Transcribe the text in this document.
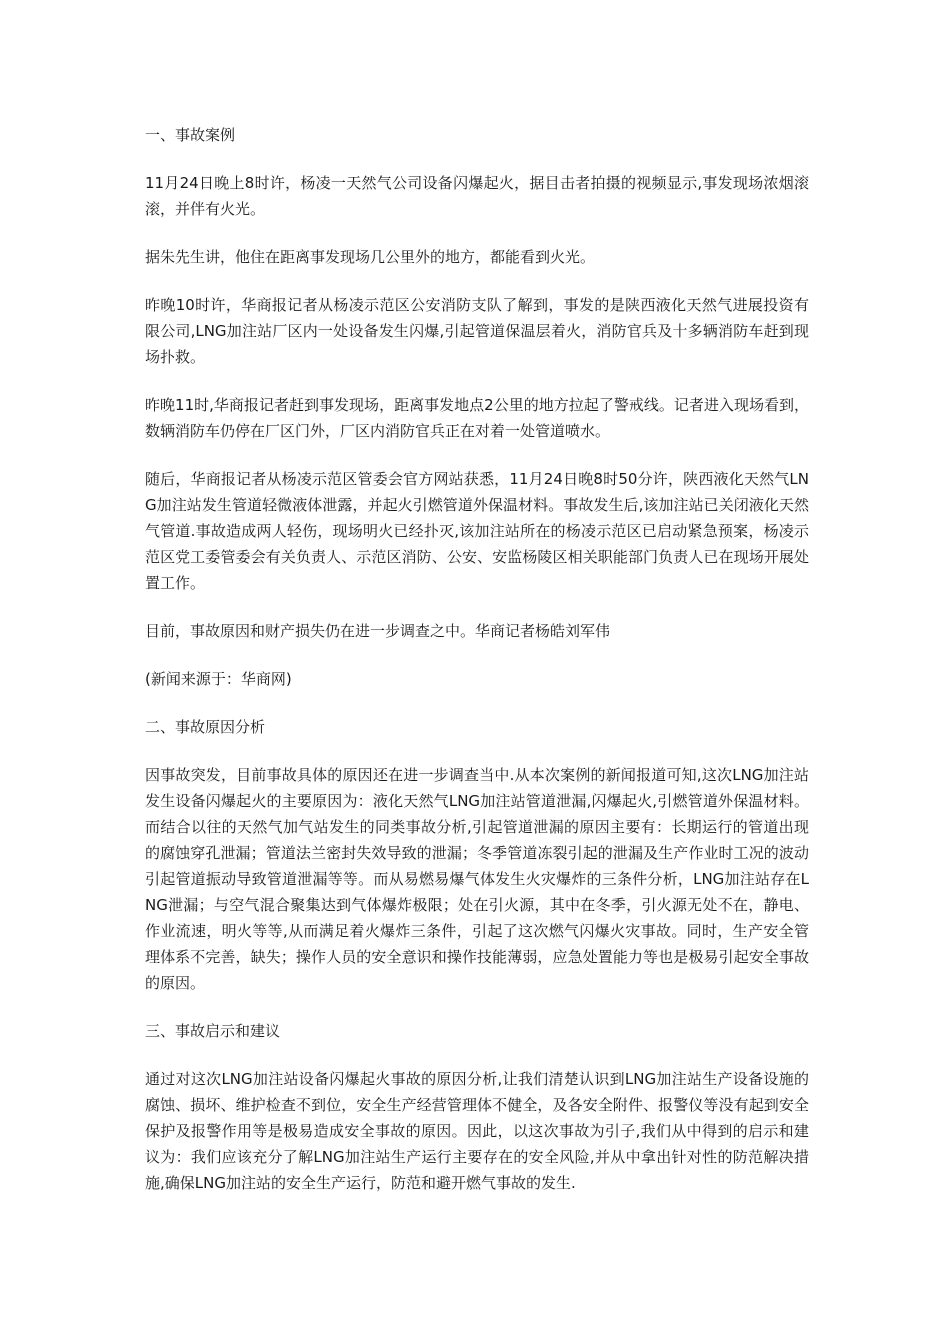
一、事故案例

11月24日晚上8时许，杨凌一天然气公司设备闪爆起火，据目击者拍摄的视频显示,事发现场浓烟滚滚，并伴有火光。

据朱先生讲，他住在距离事发现场几公里外的地方，都能看到火光。

昨晚10时许，华商报记者从杨凌示范区公安消防支队了解到，事发的是陕西液化天然气进展投资有限公司,LNG加注站厂区内一处设备发生闪爆,引起管道保温层着火，消防官兵及十多辆消防车赶到现场扑救。

昨晚11时,华商报记者赶到事发现场，距离事发地点2公里的地方拉起了警戒线。记者进入现场看到，数辆消防车仍停在厂区门外，厂区内消防官兵正在对着一处管道喷水。

随后，华商报记者从杨凌示范区管委会官方网站获悉，11月24日晚8时50分许，陕西液化天然气LNG加注站发生管道轻微液体泄露，并起火引燃管道外保温材料。事故发生后,该加注站已关闭液化天然气管道.事故造成两人轻伤，现场明火已经扑灭,该加注站所在的杨凌示范区已启动紧急预案，杨凌示范区党工委管委会有关负责人、示范区消防、公安、安监杨陵区相关职能部门负责人已在现场开展处置工作。

目前，事故原因和财产损失仍在进一步调查之中。华商记者杨皓刘军伟

(新闻来源于：华商网)

二、事故原因分析

因事故突发，目前事故具体的原因还在进一步调查当中.从本次案例的新闻报道可知,这次LNG加注站发生设备闪爆起火的主要原因为：液化天然气LNG加注站管道泄漏,闪爆起火,引燃管道外保温材料。而结合以往的天然气加气站发生的同类事故分析,引起管道泄漏的原因主要有：长期运行的管道出现的腐蚀穿孔泄漏；管道法兰密封失效导致的泄漏；冬季管道冻裂引起的泄漏及生产作业时工况的波动引起管道振动导致管道泄漏等等。而从易燃易爆气体发生火灾爆炸的三条件分析，LNG加注站存在LNG泄漏；与空气混合聚集达到气体爆炸极限；处在引火源，其中在冬季，引火源无处不在，静电、作业流速，明火等等,从而满足着火爆炸三条件，引起了这次燃气闪爆火灾事故。同时，生产安全管理体系不完善，缺失；操作人员的安全意识和操作技能薄弱，应急处置能力等也是极易引起安全事故的原因。

三、事故启示和建议

通过对这次LNG加注站设备闪爆起火事故的原因分析,让我们清楚认识到LNG加注站生产设备设施的腐蚀、损坏、维护检查不到位，安全生产经营管理体不健全，及各安全附件、报警仪等没有起到安全保护及报警作用等是极易造成安全事故的原因。因此，以这次事故为引子,我们从中得到的启示和建议为：我们应该充分了解LNG加注站生产运行主要存在的安全风险,并从中拿出针对性的防范解决措施,确保LNG加注站的安全生产运行，防范和避开燃气事故的发生.
